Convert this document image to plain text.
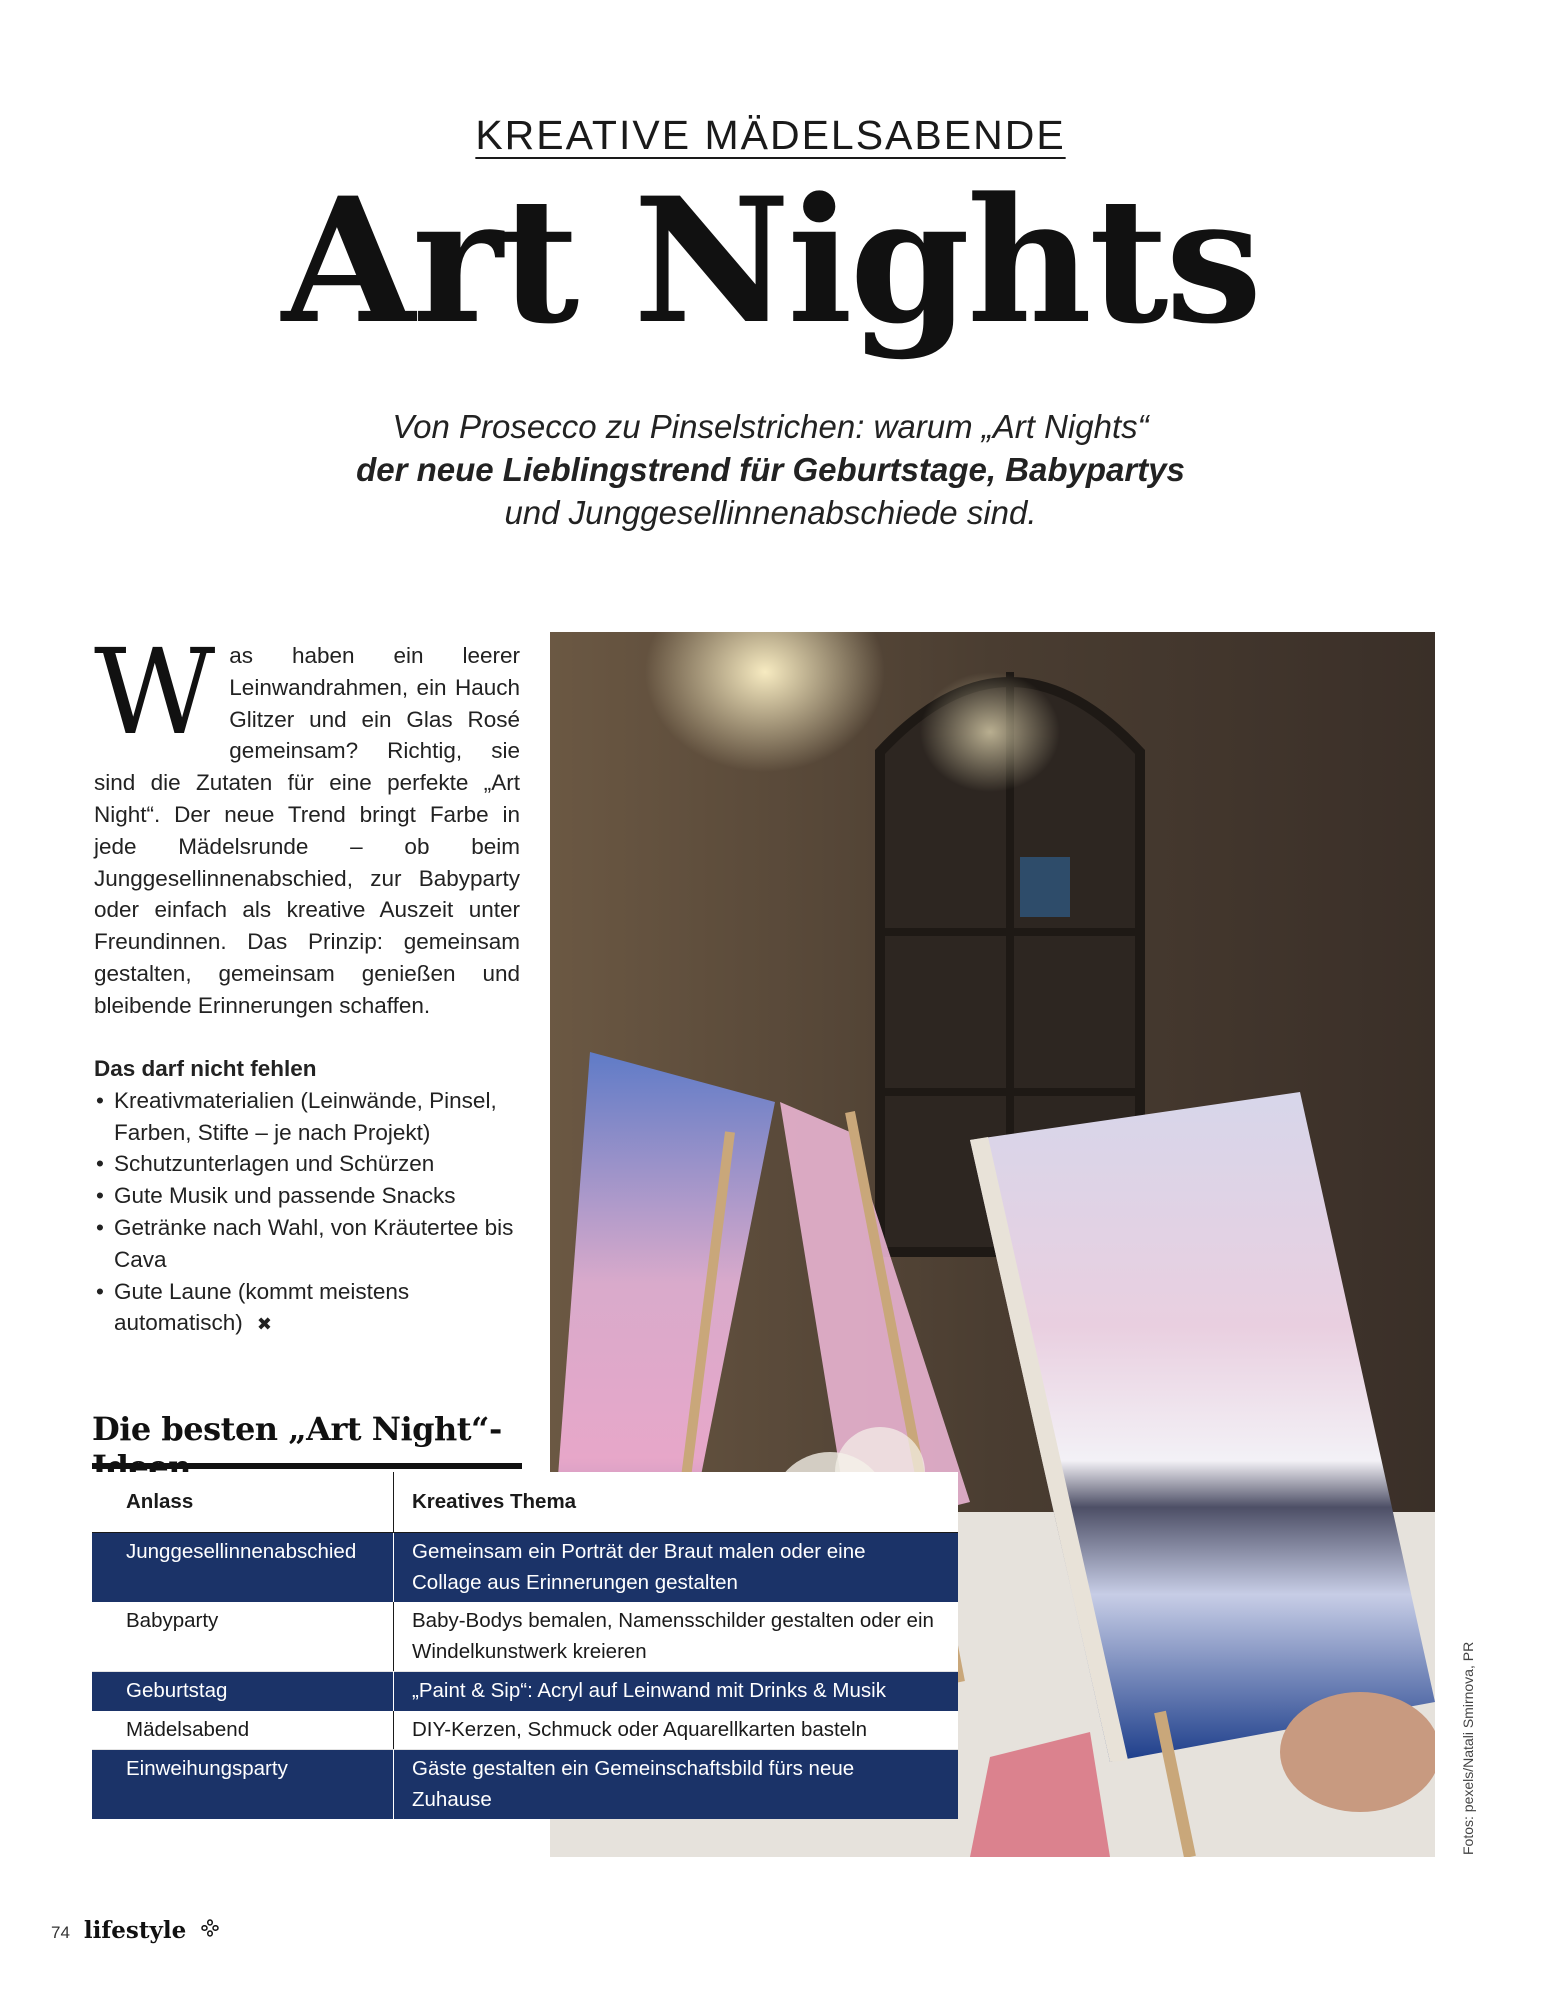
KREATIVE MÄDELSABENDE
Art Nights
Von Prosecco zu Pinselstrichen: warum „Art Nights“
der neue Lieblingstrend für Geburtstage, Babypartys
und Junggesellinnenabschiede sind.
W as haben ein leerer Leinwandrahmen, ein Hauch Glitzer und ein Glas Rosé gemeinsam? Richtig, sie sind die Zutaten für eine perfekte „Art Night“. Der neue Trend bringt Farbe in jede Mädelsrunde – ob beim Junggesellinnenabschied, zur Babyparty oder einfach als kreative Auszeit unter Freundinnen. Das Prinzip: gemeinsam gestalten, gemeinsam genießen und bleibende Erinnerungen schaffen.
Das darf nicht fehlen
• Kreativmaterialien (Leinwände, Pinsel, Farben, Stifte – je nach Projekt)
• Schutzunterlagen und Schürzen
• Gute Musik und passende Snacks
• Getränke nach Wahl, von Kräutertee bis Cava
• Gute Laune (kommt meistens automatisch) ✖
Die besten „Art Night“-
Anlass	Kreatives Thema
Junggesellinnenabschied	Gemeinsam ein Porträt der Braut malen oder eine Collage aus Erinnerungen gestalten
Babyparty	Baby-Bodys bemalen, Namensschilder gestalten oder ein Windelkunstwerk kreieren
Geburtstag	„Paint & Sip“: Acryl auf Leinwand mit Drinks & Musik
Mädelsabend	DIY-Kerzen, Schmuck oder Aquarellkarten basteln
Einweihungsparty	Gäste gestalten ein Gemeinschaftsbild fürs neue Zuhause	Fotos: pexels/Natali Smirnova, PR
74 lifestyle
